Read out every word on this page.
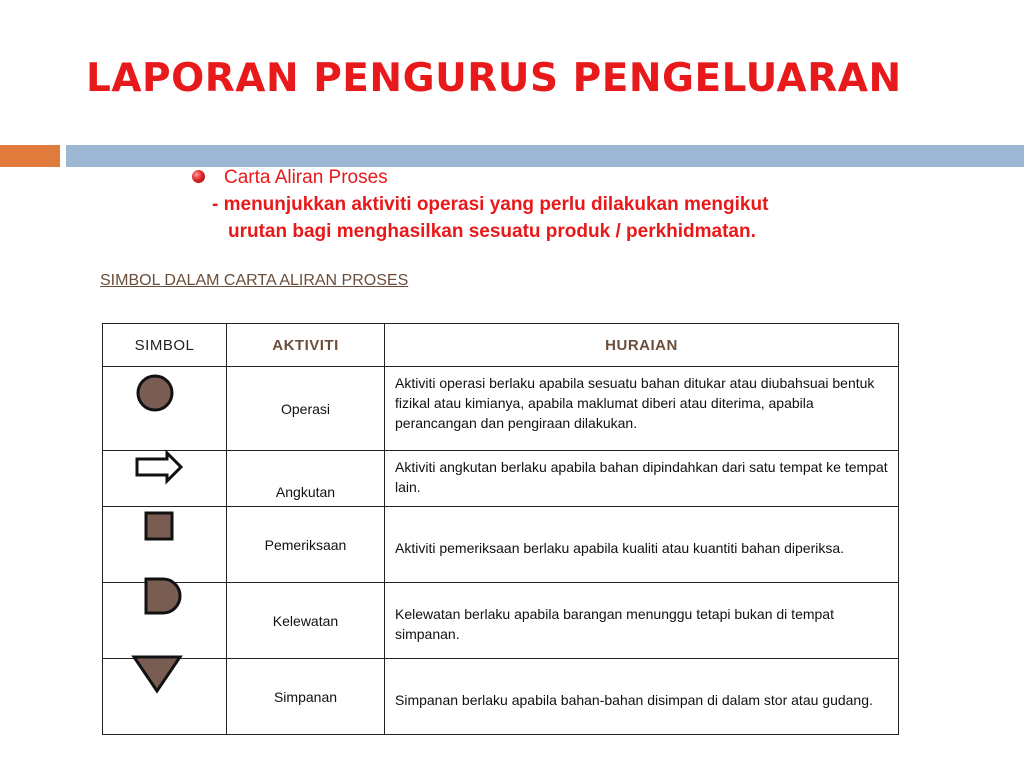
LAPORAN PENGURUS PENGELUARAN
Carta Aliran Proses
- menunjukkan aktiviti operasi yang perlu dilakukan mengikut
urutan bagi menghasilkan sesuatu produk / perkhidmatan.
SIMBOL DALAM CARTA ALIRAN PROSES
SIMBOL	AKTIVITI	HURAIAN

	Operasi	Aktiviti operasi berlaku apabila sesuatu bahan ditukar atau diubahsuai bentuk fizikal atau kimianya, apabila maklumat diberi atau diterima, apabila perancangan dan pengiraan dilakukan.

	Angkutan	Aktiviti angkutan berlaku apabila bahan dipindahkan dari satu tempat ke tempat lain.

	Pemeriksaan	Aktiviti pemeriksaan berlaku apabila kualiti atau kuantiti bahan diperiksa.

	Kelewatan	Kelewatan berlaku apabila barangan menunggu tetapi bukan di tempat simpanan.

	Simpanan	Simpanan berlaku apabila bahan-bahan disimpan di dalam stor atau gudang.
